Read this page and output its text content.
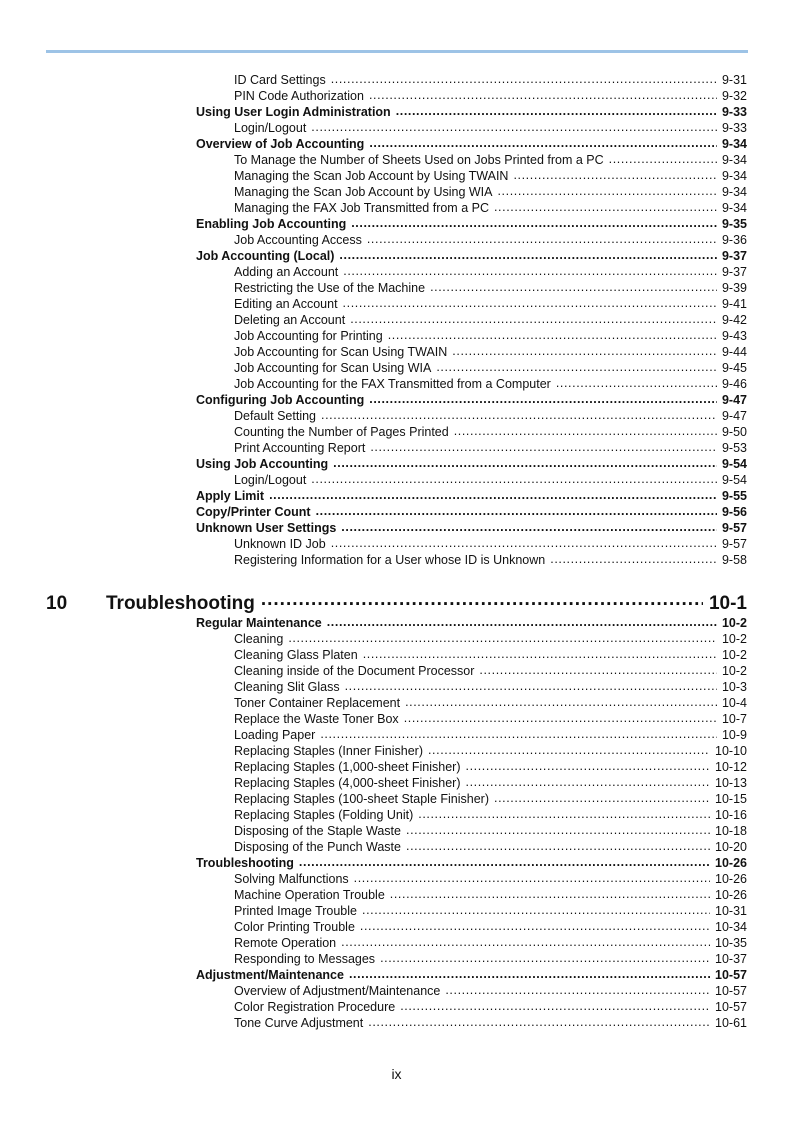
ID Card Settings .....	9-31
PIN Code Authorization .....	9-32
Using User Login Administration .....	9-33
Login/Logout .....	9-33
Overview of Job Accounting .....	9-34
To Manage the Number of Sheets Used on Jobs Printed from a PC .....	9-34
Managing the Scan Job Account by Using TWAIN .....	9-34
Managing the Scan Job Account by Using WIA .....	9-34
Managing the FAX Job Transmitted from a PC .....	9-34
Enabling Job Accounting .....	9-35
Job Accounting Access .....	9-36
Job Accounting (Local) .....	9-37
Adding an Account .....	9-37
Restricting the Use of the Machine .....	9-39
Editing an Account .....	9-41
Deleting an Account .....	9-42
Job Accounting for Printing .....	9-43
Job Accounting for Scan Using TWAIN .....	9-44
Job Accounting for Scan Using WIA .....	9-45
Job Accounting for the FAX Transmitted from a Computer .....	9-46
Configuring Job Accounting .....	9-47
Default Setting .....	9-47
Counting the Number of Pages Printed .....	9-50
Print Accounting Report .....	9-53
Using Job Accounting .....	9-54
Login/Logout .....	9-54
Apply Limit .....	9-55
Copy/Printer Count .....	9-56
Unknown User Settings .....	9-57
Unknown ID Job .....	9-57
Registering Information for a User whose ID is Unknown .....	9-58
10	Troubleshooting .....	10-1
Regular Maintenance .....	10-2
Cleaning .....	10-2
Cleaning Glass Platen .....	10-2
Cleaning inside of the Document Processor .....	10-2
Cleaning Slit Glass .....	10-3
Toner Container Replacement .....	10-4
Replace the Waste Toner Box .....	10-7
Loading Paper .....	10-9
Replacing Staples (Inner Finisher) .....	10-10
Replacing Staples (1,000-sheet Finisher) .....	10-12
Replacing Staples (4,000-sheet Finisher) .....	10-13
Replacing Staples (100-sheet Staple Finisher) .....	10-15
Replacing Staples (Folding Unit) .....	10-16
Disposing of the Staple Waste .....	10-18
Disposing of the Punch Waste .....	10-20
Troubleshooting .....	10-26
Solving Malfunctions .....	10-26
Machine Operation Trouble .....	10-26
Printed Image Trouble .....	10-31
Color Printing Trouble .....	10-34
Remote Operation .....	10-35
Responding to Messages .....	10-37
Adjustment/Maintenance .....	10-57
Overview of Adjustment/Maintenance .....	10-57
Color Registration Procedure .....	10-57
Tone Curve Adjustment .....	10-61
ix
